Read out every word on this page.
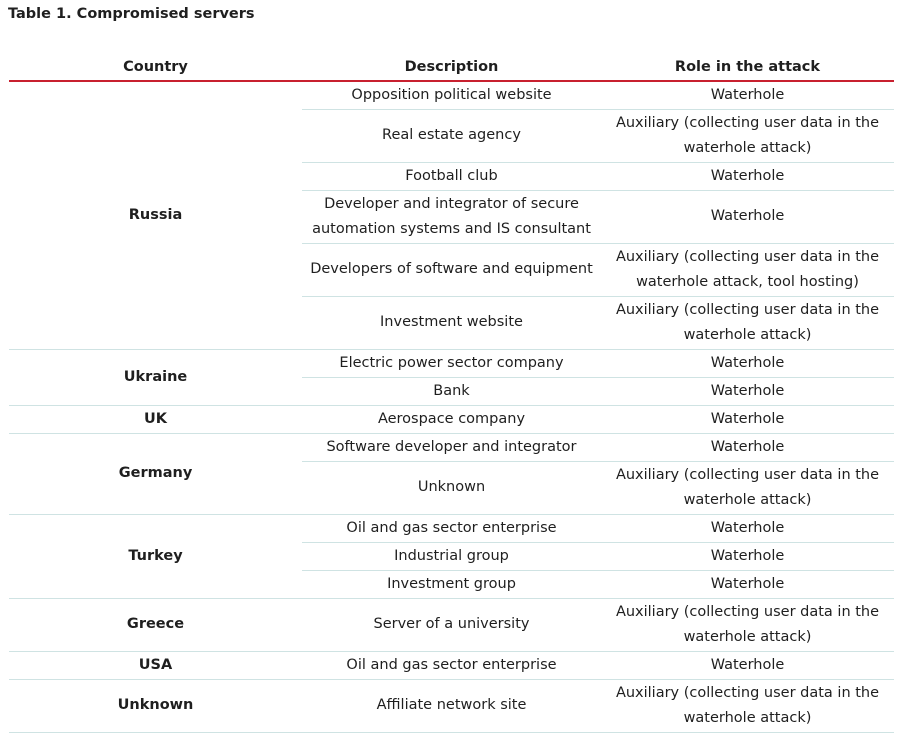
Table 1. Compromised servers
Country	Description	Role in the attack
Russia	Opposition political website	Waterhole
	Real estate agency	Auxiliary (collecting user data in the waterhole attack)
	Football club	Waterhole
	Developer and integrator of secure automation systems and IS consultant	Waterhole
	Developers of software and equipment	Auxiliary (collecting user data in the waterhole attack, tool hosting)
	Investment website	Auxiliary (collecting user data in the waterhole attack)
Ukraine	Electric power sector company	Waterhole
	Bank	Waterhole
UK	Aerospace company	Waterhole
Germany	Software developer and integrator	Waterhole
	Unknown	Auxiliary (collecting user data in the waterhole attack)
Turkey	Oil and gas sector enterprise	Waterhole
	Industrial group	Waterhole
	Investment group	Waterhole
Greece	Server of a university	Auxiliary (collecting user data in the waterhole attack)
USA	Oil and gas sector enterprise	Waterhole
Unknown	Affiliate network site	Auxiliary (collecting user data in the waterhole attack)
